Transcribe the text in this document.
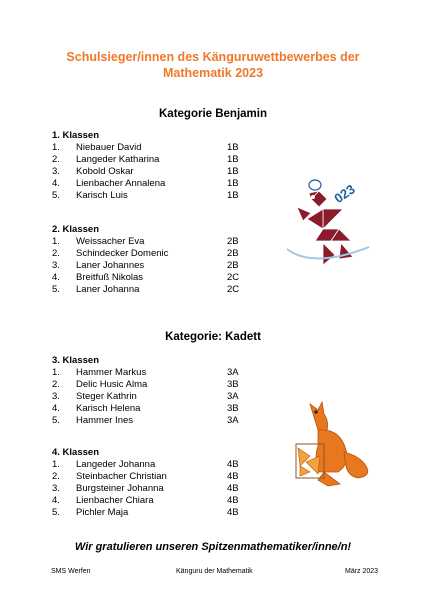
Schulsieger/innen des Känguruwettbewerbes der
Mathematik 2023
Kategorie Benjamin
1. Klassen
1. Niebauer David	1B
2. Langeder Katharina	1B
3. Kobold Oskar	1B
4. Lienbacher Annalena	1B
5. Karisch Luis	1B
2. Klassen
1. Weissacher Eva	2B
2. Schindecker Domenic	2B
3. Laner Johannes	2B
4. Breitfuß Nikolas	2C
5. Laner Johanna	2C
Kategorie: Kadett
3. Klassen
1. Hammer Markus	3A
2. Delic Husic Alma	3B
3. Steger Kathrin	3A
4. Karisch Helena	3B
5. Hammer Ines	3A
4. Klassen
1. Langeder Johanna	4B
2. Steinbacher Christian	4B
3. Burgsteiner Johanna	4B
4. Lienbacher Chiara	4B
5. Pichler Maja	4B
023
Wir gratulieren unseren Spitzenmathematiker/inne/n!
SMS Werfen	Känguru der Mathematik	März 2023
